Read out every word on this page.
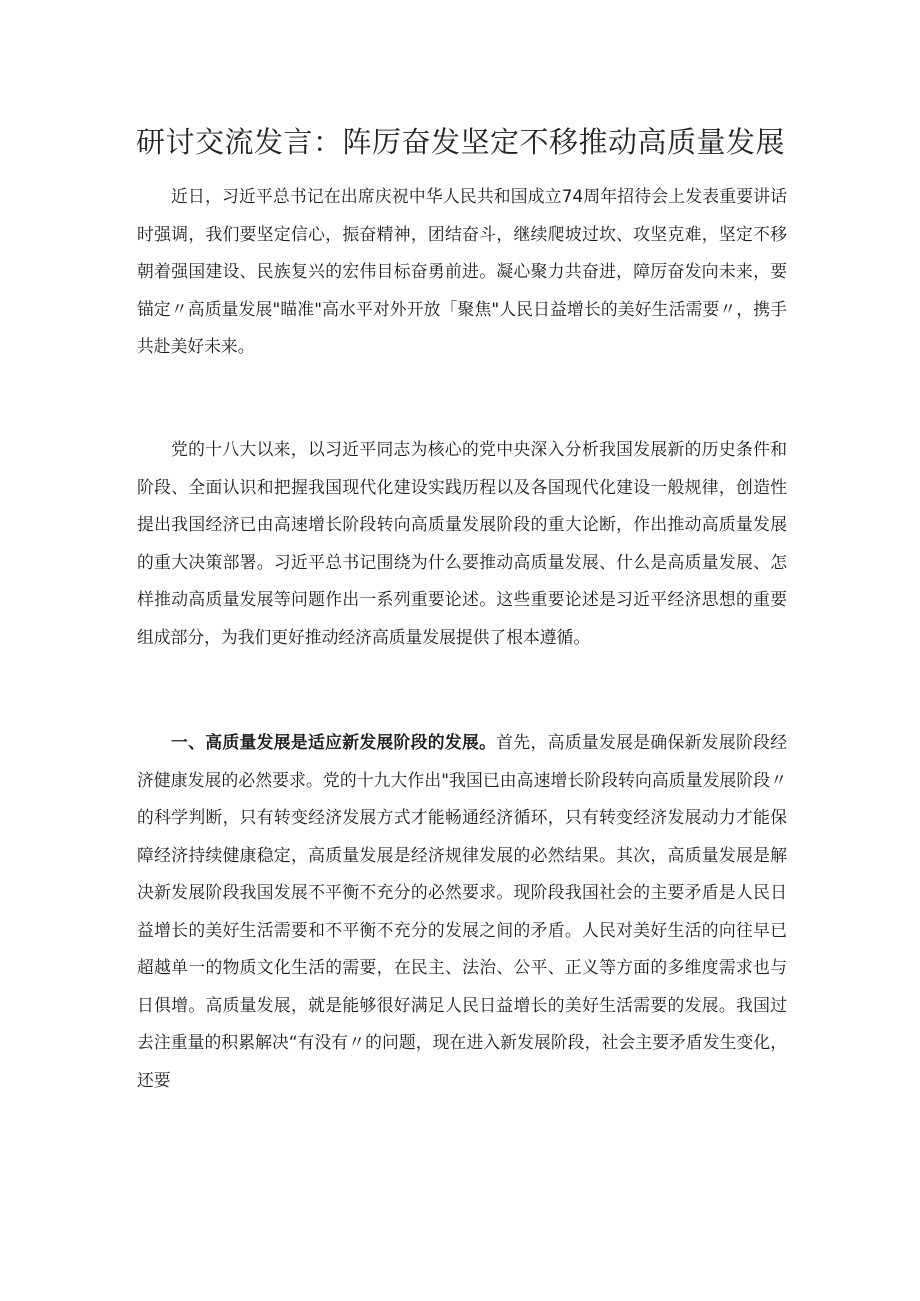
研讨交流发言：阵厉奋发坚定不移推动高质量发展

近日，习近平总书记在出席庆祝中华人民共和国成立74周年招待会上发表重要讲话时强调，我们要坚定信心，振奋精神，团结奋斗，继续爬坡过坎、攻坚克难，坚定不移朝着强国建设、民族复兴的宏伟目标奋勇前进。凝心聚力共奋进，障厉奋发向未来，要锚定〃高质量发展"瞄准"高水平对外开放「聚焦"人民日益增长的美好生活需要〃，携手共赴美好未来。

党的十八大以来，以习近平同志为核心的党中央深入分析我国发展新的历史条件和阶段、全面认识和把握我国现代化建设实践历程以及各国现代化建设一般规律，创造性提出我国经济已由高速增长阶段转向高质量发展阶段的重大论断，作出推动高质量发展的重大决策部署。习近平总书记围绕为什么要推动高质量发展、什么是高质量发展、怎样推动高质量发展等问题作出一系列重要论述。这些重要论述是习近平经济思想的重要组成部分，为我们更好推动经济高质量发展提供了根本遵循。

一、高质量发展是适应新发展阶段的发展。首先，高质量发展是确保新发展阶段经济健康发展的必然要求。党的十九大作出"我国已由高速增长阶段转向高质量发展阶段〃的科学判断，只有转变经济发展方式才能畅通经济循环，只有转变经济发展动力才能保障经济持续健康稳定，高质量发展是经济规律发展的必然结果。其次，高质量发展是解决新发展阶段我国发展不平衡不充分的必然要求。现阶段我国社会的主要矛盾是人民日益增长的美好生活需要和不平衡不充分的发展之间的矛盾。人民对美好生活的向往早已超越单一的物质文化生活的需要，在民主、法治、公平、正义等方面的多维度需求也与日俱增。高质量发展，就是能够很好满足人民日益增长的美好生活需要的发展。我国过去注重量的积累解决“有没有〃的问题，现在进入新发展阶段，社会主要矛盾发生变化，还要
